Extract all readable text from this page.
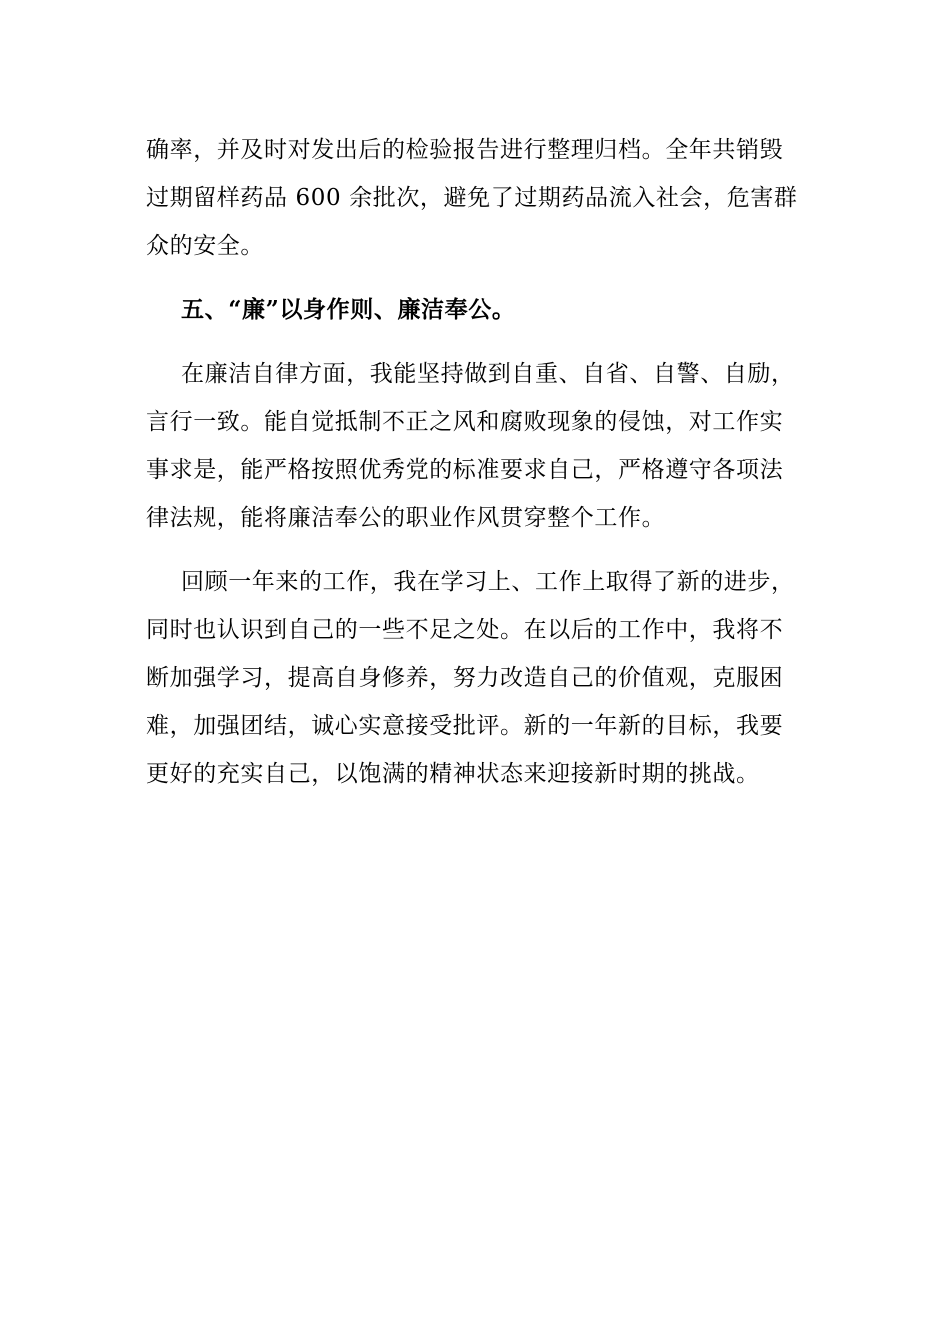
确率，并及时对发出后的检验报告进行整理归档。全年共销毁过期留样药品 600 余批次，避免了过期药品流入社会，危害群众的安全。

五、“廉”以身作则、廉洁奉公。

在廉洁自律方面，我能坚持做到自重、自省、自警、自励，言行一致。能自觉抵制不正之风和腐败现象的侵蚀，对工作实事求是，能严格按照优秀党的标准要求自己，严格遵守各项法律法规，能将廉洁奉公的职业作风贯穿整个工作。

回顾一年来的工作，我在学习上、工作上取得了新的进步，同时也认识到自己的一些不足之处。在以后的工作中，我将不断加强学习，提高自身修养，努力改造自己的价值观，克服困难，加强团结，诚心实意接受批评。新的一年新的目标，我要更好的充实自己，以饱满的精神状态来迎接新时期的挑战。
